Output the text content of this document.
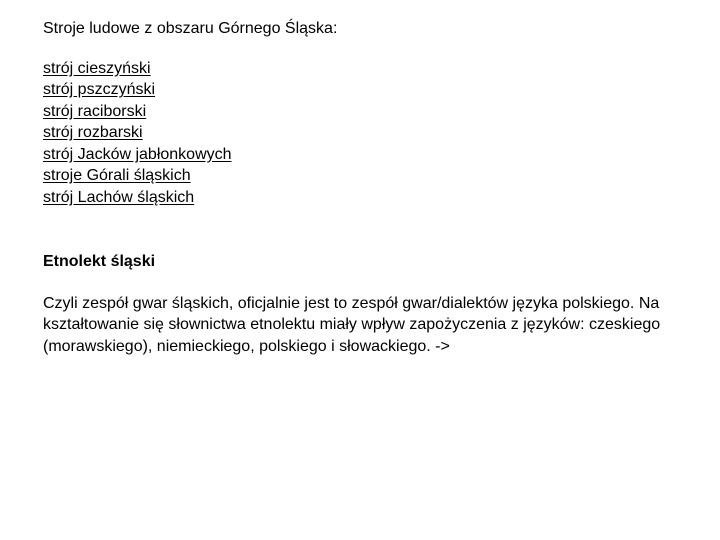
Stroje ludowe z obszaru Górnego Śląska:

strój cieszyński
strój pszczyński
strój raciborski
strój rozbarski
strój Jacków jabłonkowych
stroje Górali śląskich
strój Lachów śląskich
Etnolekt śląski

Czyli zespół gwar śląskich, oficjalnie jest to zespół gwar/dialektów języka polskiego. Na kształtowanie się słownictwa etnolektu miały wpływ zapożyczenia z języków: czeskiego (morawskiego), niemieckiego, polskiego i słowackiego. ->
